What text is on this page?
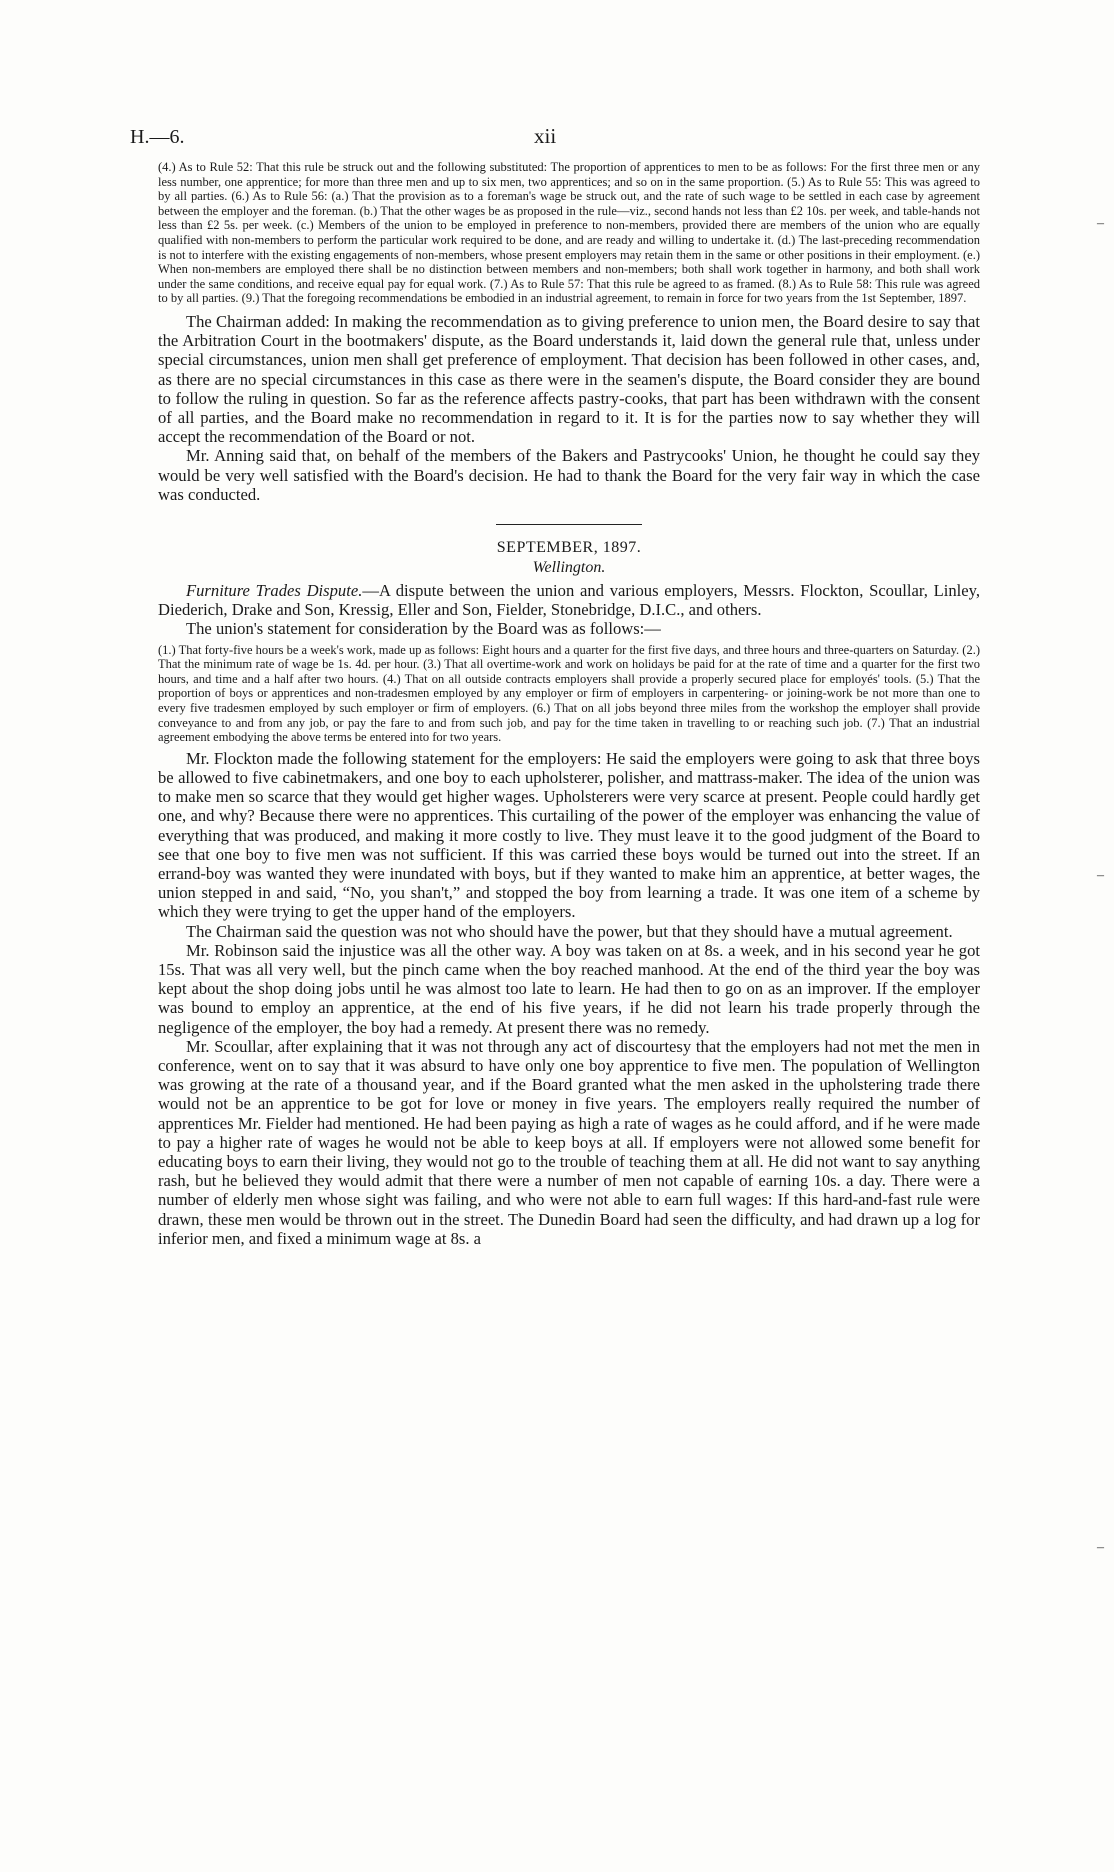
–
–
–
H.—6.	xii

(4.) As to Rule 52: That this rule be struck out and the following substituted: The proportion of apprentices to men to be as follows: For the first three men or any less number, one apprentice; for more than three men and up to six men, two apprentices; and so on in the same proportion. (5.) As to Rule 55: This was agreed to by all parties. (6.) As to Rule 56: (a.) That the provision as to a foreman's wage be struck out, and the rate of such wage to be settled in each case by agreement between the employer and the foreman. (b.) That the other wages be as proposed in the rule—viz., second hands not less than £2 10s. per week, and table-hands not less than £2 5s. per week. (c.) Members of the union to be employed in preference to non-members, provided there are members of the union who are equally qualified with non-members to perform the particular work required to be done, and are ready and willing to undertake it. (d.) The last-preceding recommendation is not to interfere with the existing engagements of non-members, whose present employers may retain them in the same or other positions in their employment. (e.) When non-members are employed there shall be no distinction between members and non-members; both shall work together in harmony, and both shall work under the same conditions, and receive equal pay for equal work. (7.) As to Rule 57: That this rule be agreed to as framed. (8.) As to Rule 58: This rule was agreed to by all parties. (9.) That the foregoing recommendations be embodied in an industrial agreement, to remain in force for two years from the 1st September, 1897.

The Chairman added: In making the recommendation as to giving preference to union men, the Board desire to say that the Arbitration Court in the bootmakers' dispute, as the Board understands it, laid down the general rule that, unless under special circumstances, union men shall get preference of employment. That decision has been followed in other cases, and, as there are no special circumstances in this case as there were in the seamen's dispute, the Board consider they are bound to follow the ruling in question. So far as the reference affects pastry-cooks, that part has been withdrawn with the consent of all parties, and the Board make no recommendation in regard to it. It is for the parties now to say whether they will accept the recommendation of the Board or not.

Mr. Anning said that, on behalf of the members of the Bakers and Pastrycooks' Union, he thought he could say they would be very well satisfied with the Board's decision. He had to thank the Board for the very fair way in which the case was conducted.

SEPTEMBER, 1897.

Wellington.

Furniture Trades Dispute.—A dispute between the union and various employers, Messrs. Flockton, Scoullar, Linley, Diederich, Drake and Son, Kressig, Eller and Son, Fielder, Stonebridge, D.I.C., and others.

The union's statement for consideration by the Board was as follows:—

(1.) That forty-five hours be a week's work, made up as follows: Eight hours and a quarter for the first five days, and three hours and three-quarters on Saturday. (2.) That the minimum rate of wage be 1s. 4d. per hour. (3.) That all overtime-work and work on holidays be paid for at the rate of time and a quarter for the first two hours, and time and a half after two hours. (4.) That on all outside contracts employers shall provide a properly secured place for employés' tools. (5.) That the proportion of boys or apprentices and non-tradesmen employed by any employer or firm of employers in carpentering- or joining-work be not more than one to every five tradesmen employed by such employer or firm of employers. (6.) That on all jobs beyond three miles from the workshop the employer shall provide conveyance to and from any job, or pay the fare to and from such job, and pay for the time taken in travelling to or reaching such job. (7.) That an industrial agreement embodying the above terms be entered into for two years.

Mr. Flockton made the following statement for the employers: He said the employers were going to ask that three boys be allowed to five cabinetmakers, and one boy to each upholsterer, polisher, and mattrass-maker. The idea of the union was to make men so scarce that they would get higher wages. Upholsterers were very scarce at present. People could hardly get one, and why? Because there were no apprentices. This curtailing of the power of the employer was enhancing the value of everything that was produced, and making it more costly to live. They must leave it to the good judgment of the Board to see that one boy to five men was not sufficient. If this was carried these boys would be turned out into the street. If an errand-boy was wanted they were inundated with boys, but if they wanted to make him an apprentice, at better wages, the union stepped in and said, “No, you shan't,” and stopped the boy from learning a trade. It was one item of a scheme by which they were trying to get the upper hand of the employers.

The Chairman said the question was not who should have the power, but that they should have a mutual agreement.

Mr. Robinson said the injustice was all the other way. A boy was taken on at 8s. a week, and in his second year he got 15s. That was all very well, but the pinch came when the boy reached manhood. At the end of the third year the boy was kept about the shop doing jobs until he was almost too late to learn. He had then to go on as an improver. If the employer was bound to employ an apprentice, at the end of his five years, if he did not learn his trade properly through the negligence of the employer, the boy had a remedy. At present there was no remedy.

Mr. Scoullar, after explaining that it was not through any act of discourtesy that the employers had not met the men in conference, went on to say that it was absurd to have only one boy apprentice to five men. The population of Wellington was growing at the rate of a thousand year, and if the Board granted what the men asked in the upholstering trade there would not be an apprentice to be got for love or money in five years. The employers really required the number of apprentices Mr. Fielder had mentioned. He had been paying as high a rate of wages as he could afford, and if he were made to pay a higher rate of wages he would not be able to keep boys at all. If employers were not allowed some benefit for educating boys to earn their living, they would not go to the trouble of teaching them at all. He did not want to say anything rash, but he believed they would admit that there were a number of men not capable of earning 10s. a day. There were a number of elderly men whose sight was failing, and who were not able to earn full wages: If this hard-and-fast rule were drawn, these men would be thrown out in the street. The Dunedin Board had seen the difficulty, and had drawn up a log for inferior men, and fixed a minimum wage at 8s. a
